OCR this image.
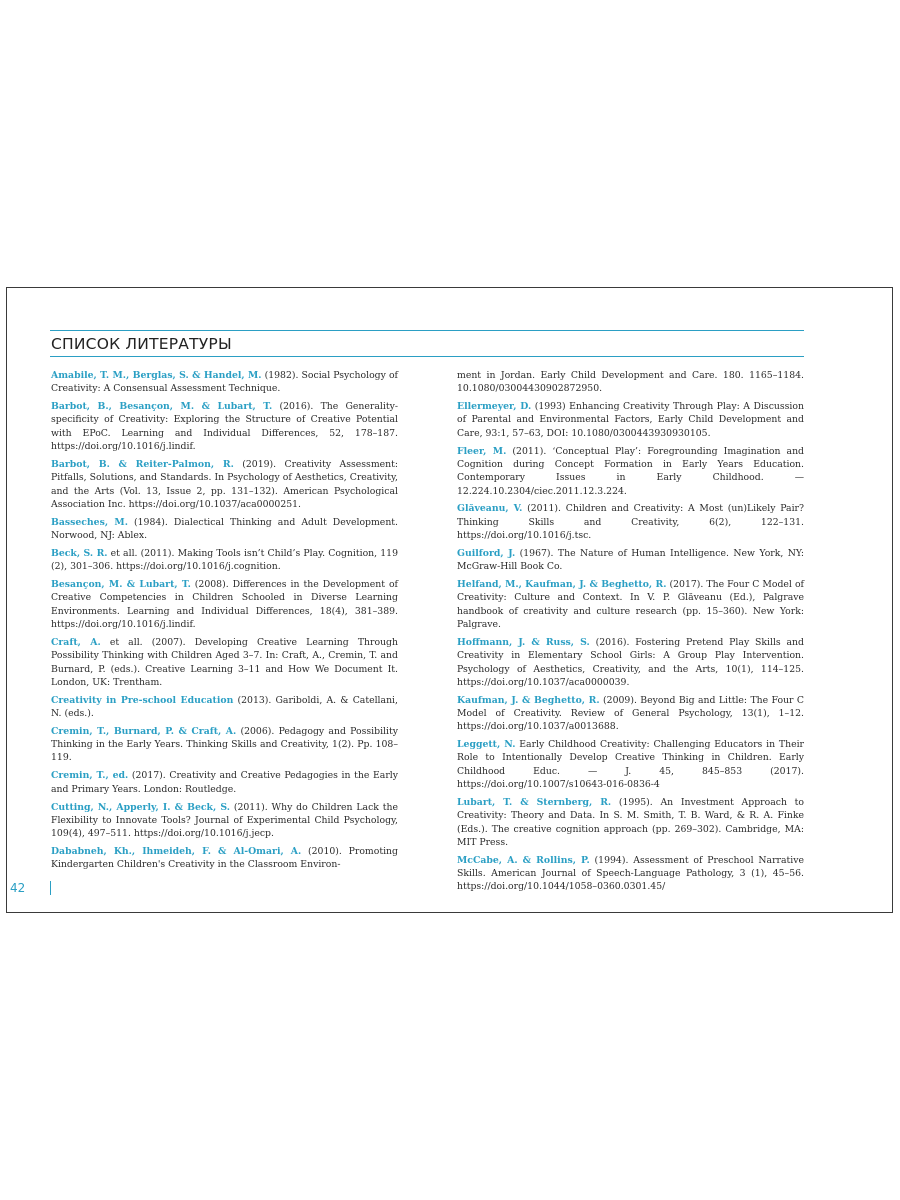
СПИСОК ЛИТЕРАТУРЫ

Amabile, T. M., Berglas, S. & Handel, M. (1982). Social Psychology of Creativity: A Consensual Assessment Technique.

Barbot, B., Besançon, M. & Lubart, T. (2016). The Generality-specificity of Creativity: Exploring the Structure of Creative Potential with EPoC. Learning and Individual Differences, 52, 178–187. https://doi.org/10.1016/j.lindif.

Barbot, B. & Reiter-Palmon, R. (2019). Creativity Assessment: Pitfalls, Solutions, and Standards. In Psychology of Aesthetics, Creativity, and the Arts (Vol. 13, Issue 2, pp. 131–132). American Psychological Association Inc. https://doi.org/10.1037/aca0000251.

Basseches, M. (1984). Dialectical Thinking and Adult Development. Norwood, NJ: Ablex.

Beck, S. R. et all. (2011). Making Tools isn’t Child’s Play. Cognition, 119 (2), 301–306. https://doi.org/10.1016/j.cognition.

Besançon, M. & Lubart, T. (2008). Differences in the Development of Creative Competencies in Children Schooled in Diverse Learning Environments. Learning and Individual Differences, 18(4), 381–389. https://doi.org/10.1016/j.lindif.

Craft, A. et all. (2007). Developing Creative Learning Through Possibility Thinking with Children Aged 3–7. In: Craft, A., Cremin, T. and Burnard, P. (eds.). Creative Learning 3–11 and How We Document It. London, UK: Trentham.

Creativity in Pre-school Education (2013). Gariboldi, A. & Catellani, N. (eds.).

Cremin, T., Burnard, P. & Craft, A. (2006). Pedagogy and Possibility Thinking in the Early Years. Thinking Skills and Creativity, 1(2). Pp. 108–119.

Cremin, T., ed. (2017). Creativity and Creative Pedagogies in the Early and Primary Years. London: Routledge.

Cutting, N., Apperly, I. & Beck, S. (2011). Why do Children Lack the Flexibility to Innovate Tools? Journal of Experimental Child Psychology, 109(4), 497–511. https://doi.org/10.1016/j.jecp.

Dababneh, Kh., Ihmeideh, F. & Al-Omari, A. (2010). Promoting Kindergarten Children's Creativity in the Classroom Environ-

ment in Jordan. Early Child Development and Care. 180. 1165–1184. 10.1080/03004430902872950.

Ellermeyer, D. (1993) Enhancing Creativity Through Play: A Discussion of Parental and Environmental Factors, Early Child Development and Care, 93:1, 57–63, DOI: 10.1080/0300443930930105.

Fleer, M. (2011). ‘Conceptual Play’: Foregrounding Imagination and Cognition during Concept Formation in Early Years Education. Contemporary Issues in Early Childhood. — 12.224.10.2304/ciec.2011.12.3.224.

Glăveanu, V. (2011). Children and Creativity: A Most (un)Likely Pair? Thinking Skills and Creativity, 6(2), 122–131. https://doi.org/10.1016/j.tsc.

Guilford, J. (1967). The Nature of Human Intelligence. New York, NY: McGraw-Hill Book Co.

Helfand, M., Kaufman, J. & Beghetto, R. (2017). The Four C Model of Creativity: Culture and Context. In V. P. Glăveanu (Ed.), Palgrave handbook of creativity and culture research (pp. 15–360). New York: Palgrave.

Hoffmann, J. & Russ, S. (2016). Fostering Pretend Play Skills and Creativity in Elementary School Girls: A Group Play Intervention. Psychology of Aesthetics, Creativity, and the Arts, 10(1), 114–125. https://doi.org/10.1037/aca0000039.

Kaufman, J. & Beghetto, R. (2009). Beyond Big and Little: The Four C Model of Creativity. Review of General Psychology, 13(1), 1–12. https://doi.org/10.1037/a0013688.

Leggett, N. Early Childhood Creativity: Challenging Educators in Their Role to Intentionally Develop Creative Thinking in Children. Early Childhood Educ. — J. 45, 845–853 (2017). https://doi.org/10.1007/s10643-016-0836-4

Lubart, T. & Sternberg, R. (1995). An Investment Approach to Creativity: Theory and Data. In S. M. Smith, T. B. Ward, & R. A. Finke (Eds.). The creative cognition approach (pp. 269–302). Cambridge, MA: MIT Press.

McCabe, A. & Rollins, P. (1994). Assessment of Preschool Narrative Skills. American Journal of Speech-Language Pathology, 3 (1), 45–56. https://doi.org/10.1044/1058–0360.0301.45/

42
